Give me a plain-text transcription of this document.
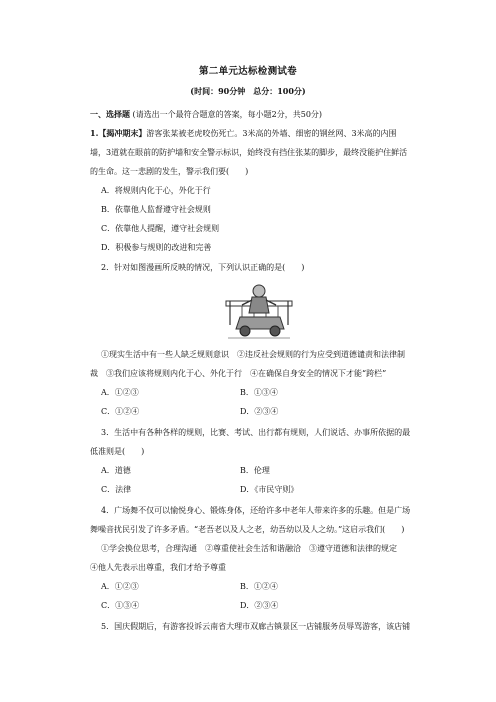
第二单元达标检测试卷
(时间：90分钟　总分：100分)
一、选择题 (请选出一个最符合题意的答案，每小题2分，共50分)
1.【揭冲期末】游客张某被老虎咬伤死亡。3米高的外墙、细密的钢丝网、3米高的内围
墙，3道就在眼前的防护墙和安全警示标识，始终没有挡住张某的脚步，最终没能护住鲜活
的生命。这一悲剧的发生，警示我们要(　　)
A．将规则内化于心，外化于行
B．依靠他人监督遵守社会规则
C．依靠他人提醒，遵守社会规则
D．积极参与规则的改进和完善
2．针对如图漫画所反映的情况，下列认识正确的是(　　)
①现实生活中有一些人缺乏规则意识　②违反社会规则的行为应受到道德谴责和法律制
裁　③我们应该将规则内化于心、外化于行　④在确保自身安全的情况下才能“跨栏”
A．①②③	B．①③④
C．①②④	D．②③④
3．生活中有各种各样的规则，比赛、考试、出行都有规则，人们说话、办事所依据的最
低准则是(　　)
A．道德	B．伦理
C．法律	D．《市民守则》
4．广场舞不仅可以愉悦身心、锻炼身体，还给许多中老年人带来许多的乐趣。但是广场
舞噪音扰民引发了许多矛盾。“老吾老以及人之老，幼吾幼以及人之幼。”这启示我们(　　)
①学会换位思考，合理沟通　②尊重使社会生活和谐融洽　③遵守道德和法律的规定
④他人先表示出尊重，我们才给予尊重
A．①②③	B．①②④
C．①③④	D．②③④
5．国庆假期后，有游客投诉云南省大理市双廊古镇景区一店铺服务员辱骂游客，该店铺
